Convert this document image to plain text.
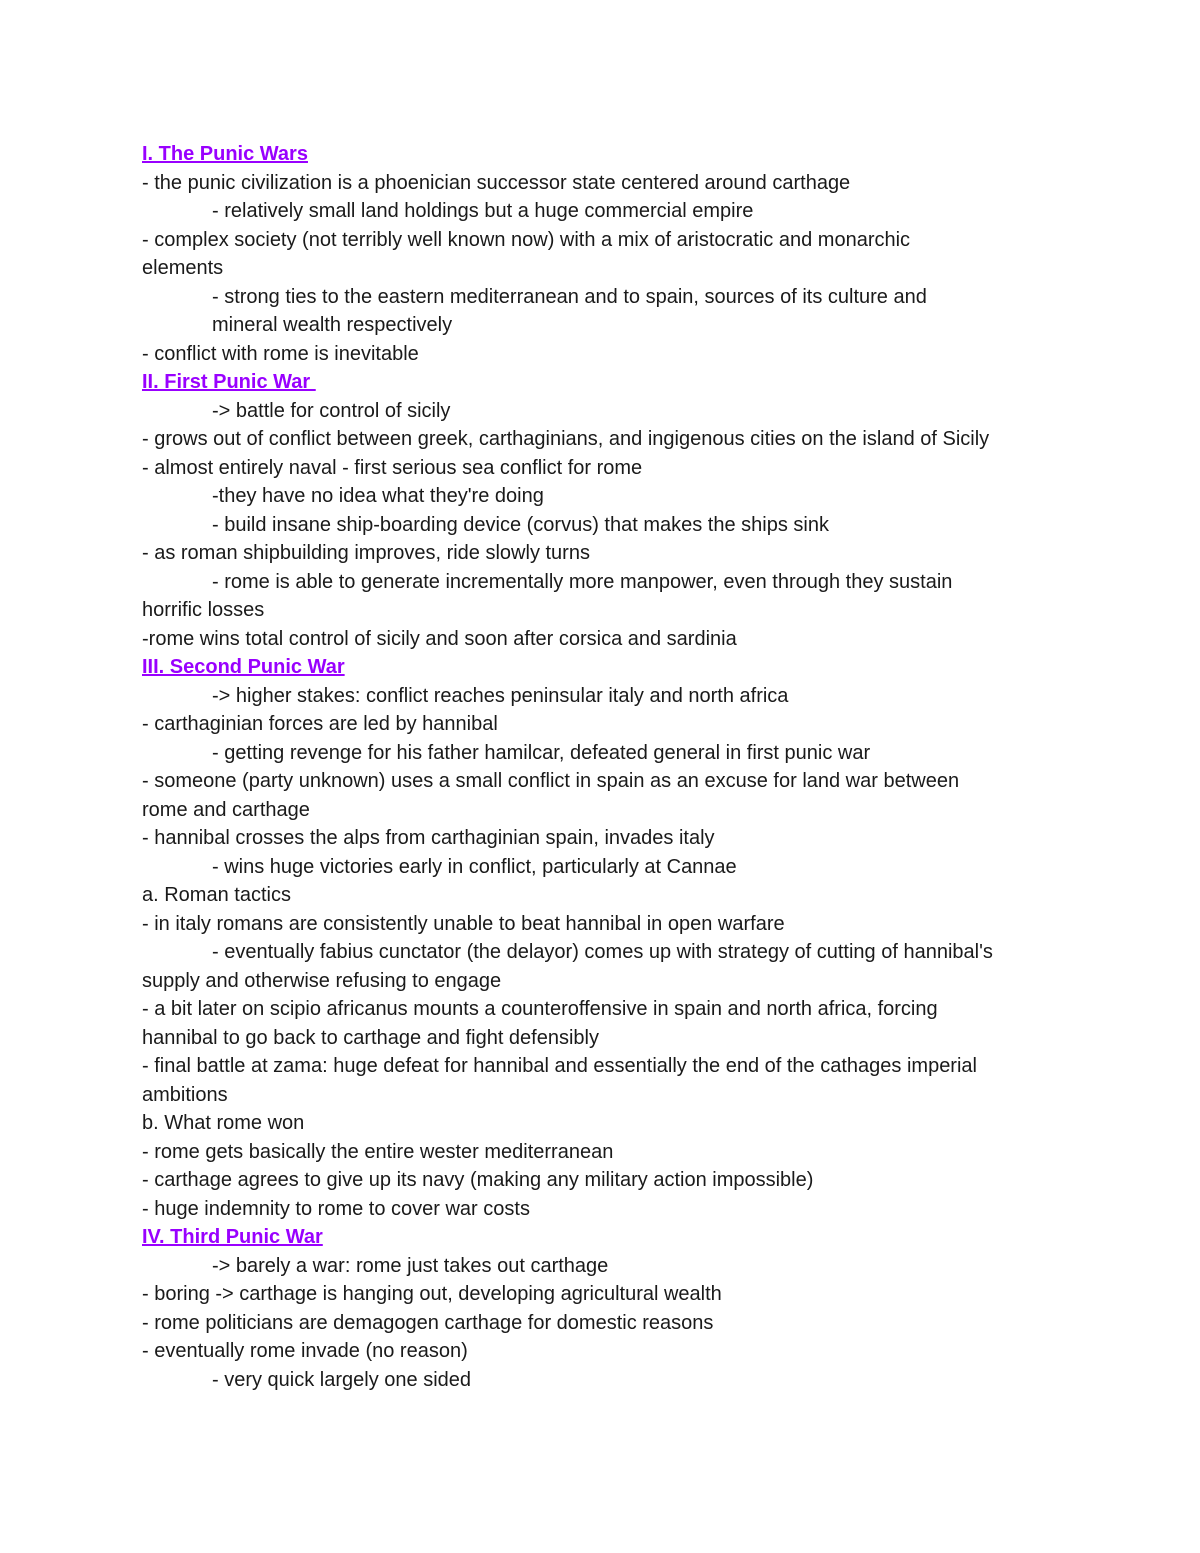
I. The Punic Wars

- the punic civilization is a phoenician successor state centered around carthage

- relatively small land holdings but a huge commercial empire

- complex society (not terribly well known now) with a mix of aristocratic and monarchic

elements

- strong ties to the eastern mediterranean and to spain, sources of its culture and

mineral wealth respectively

- conflict with rome is inevitable

II. First Punic War

-> battle for control of sicily

- grows out of conflict between greek, carthaginians, and ingigenous cities on the island of Sicily

- almost entirely naval - first serious sea conflict for rome

-they have no idea what they're doing

- build insane ship-boarding device (corvus) that makes the ships sink

- as roman shipbuilding improves, ride slowly turns

- rome is able to generate incrementally more manpower, even through they sustain

horrific losses

-rome wins total control of sicily and soon after corsica and sardinia

III. Second Punic War

-> higher stakes: conflict reaches peninsular italy and north africa

- carthaginian forces are led by hannibal

- getting revenge for his father hamilcar, defeated general in first punic war

- someone (party unknown) uses a small conflict in spain as an excuse for land war between

rome and carthage

- hannibal crosses the alps from carthaginian spain, invades italy

- wins huge victories early in conflict, particularly at Cannae

a. Roman tactics

- in italy romans are consistently unable to beat hannibal in open warfare

- eventually fabius cunctator (the delayor) comes up with strategy of cutting of hannibal's

supply and otherwise refusing to engage

- a bit later on scipio africanus mounts a counteroffensive in spain and north africa, forcing

hannibal to go back to carthage and fight defensibly

- final battle at zama: huge defeat for hannibal and essentially the end of the cathages imperial

ambitions

b. What rome won

- rome gets basically the entire wester mediterranean

- carthage agrees to give up its navy (making any military action impossible)

- huge indemnity to rome to cover war costs

IV. Third Punic War

-> barely a war: rome just takes out carthage

- boring -> carthage is hanging out, developing agricultural wealth

- rome politicians are demagogen carthage for domestic reasons

- eventually rome invade (no reason)

- very quick largely one sided
